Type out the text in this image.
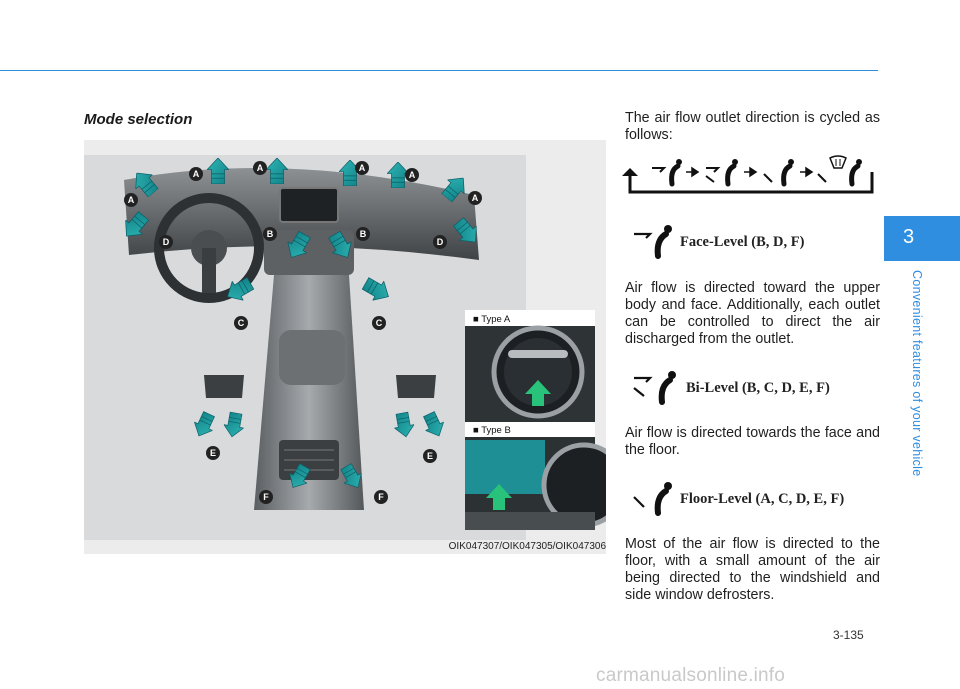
Mode selection
A
A
A	A
A
A
B	B
C	C
D	D
E	E
F	F
■ Type A
■ Type B
OIK047307/OIK047305/OIK047306
The air flow outlet direction is cycled as follows:
Face-Level (B, D, F)
Air flow is directed toward the upper body and face. Additionally, each outlet can be controlled to direct the air discharged from the outlet.
Bi-Level (B, C, D, E, F)
Air flow is directed towards the face and the floor.
Floor-Level (A, C, D, E, F)
Most of the air flow is directed to the floor, with a small amount of the air being directed to the windshield and side window defrosters.
3
Convenient features of your vehicle
3-135
carmanualsonline.info
